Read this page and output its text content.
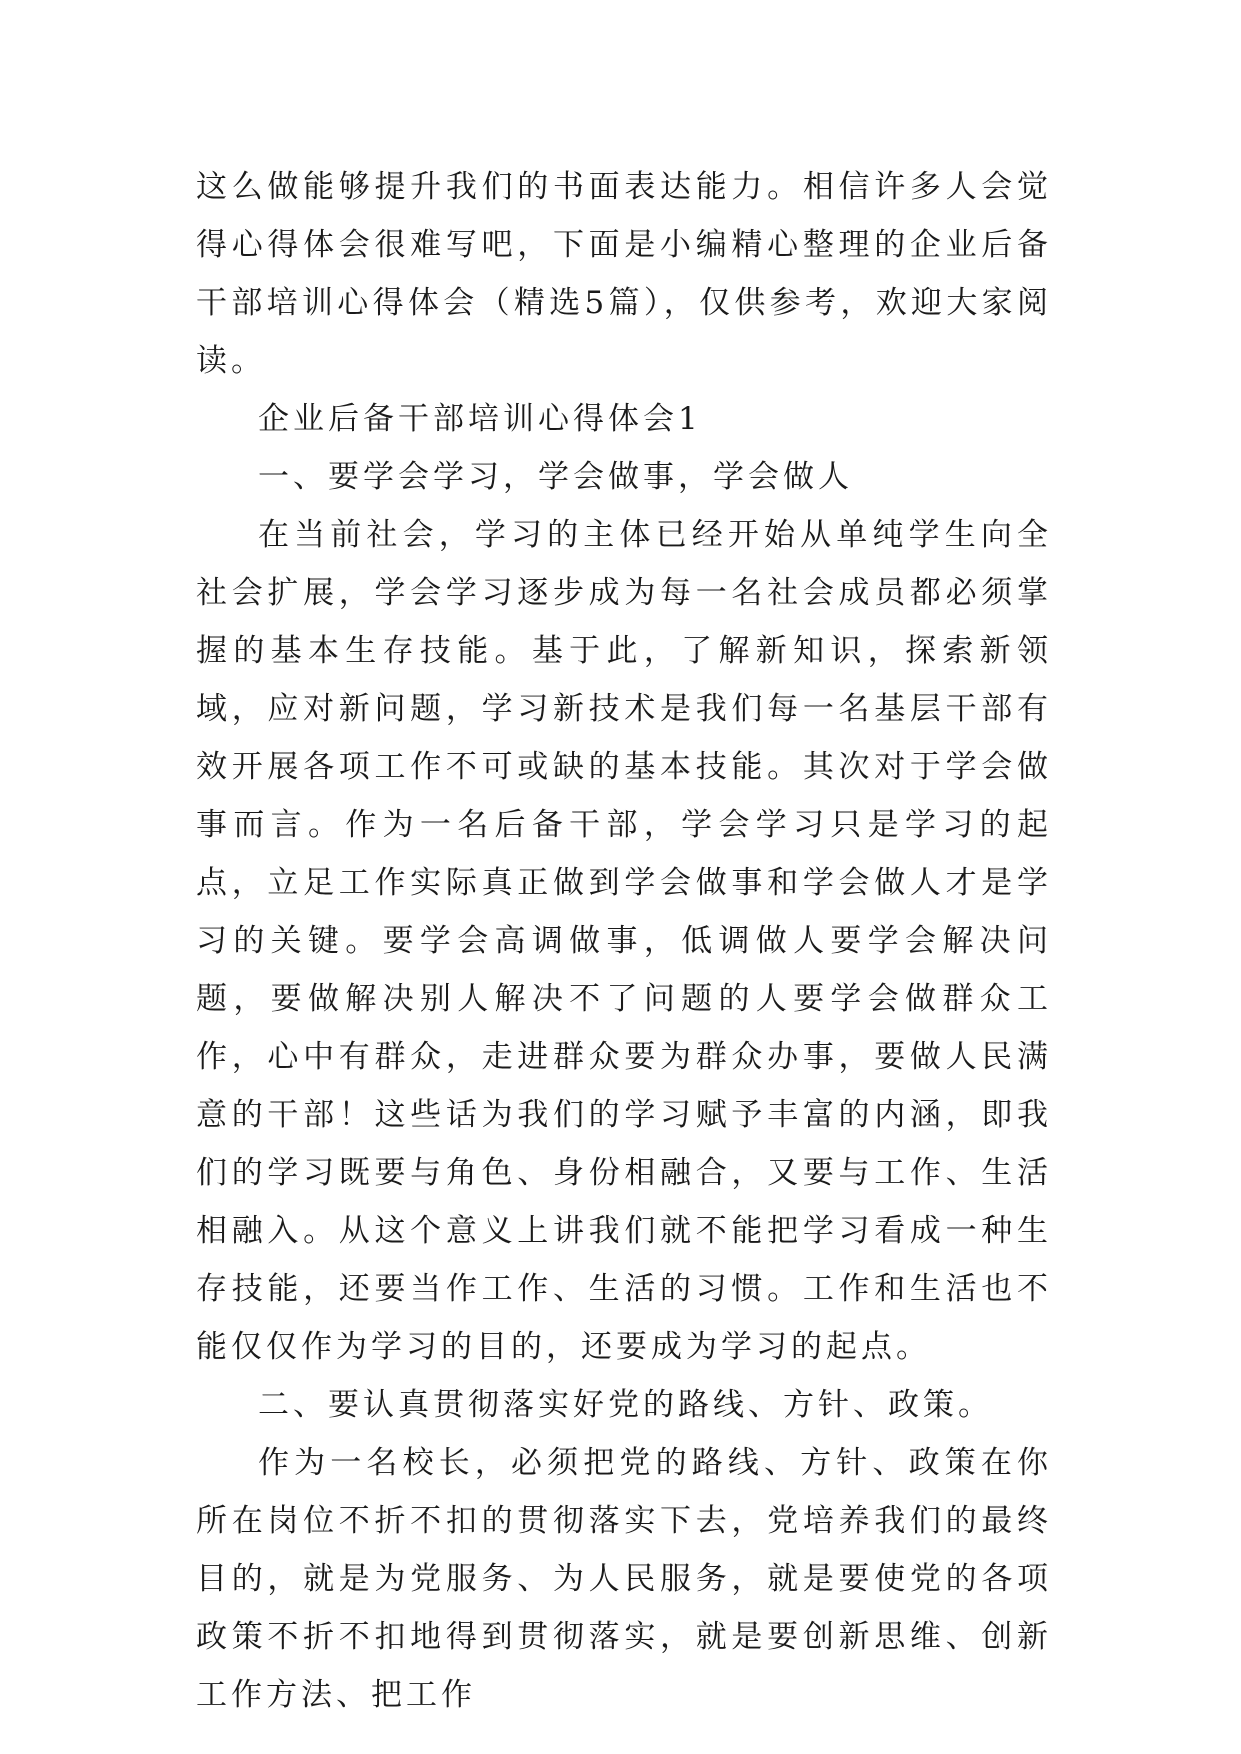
这么做能够提升我们的书面表达能力。相信许多人会觉得心得体会很难写吧，下面是小编精心整理的企业后备干部培训心得体会（精选5篇），仅供参考，欢迎大家阅读。

企业后备干部培训心得体会1

一、要学会学习，学会做事，学会做人

在当前社会，学习的主体已经开始从单纯学生向全社会扩展，学会学习逐步成为每一名社会成员都必须掌握的基本生存技能。基于此，了解新知识，探索新领域，应对新问题，学习新技术是我们每一名基层干部有效开展各项工作不可或缺的基本技能。其次对于学会做事而言。作为一名后备干部，学会学习只是学习的起点，立足工作实际真正做到学会做事和学会做人才是学习的关键。要学会高调做事，低调做人要学会解决问题，要做解决别人解决不了问题的人要学会做群众工作，心中有群众，走进群众要为群众办事，要做人民满意的干部！这些话为我们的学习赋予丰富的内涵，即我们的学习既要与角色、身份相融合，又要与工作、生活相融入。从这个意义上讲我们就不能把学习看成一种生存技能，还要当作工作、生活的习惯。工作和生活也不能仅仅作为学习的目的，还要成为学习的起点。

二、要认真贯彻落实好党的路线、方针、政策。

作为一名校长，必须把党的路线、方针、政策在你所在岗位不折不扣的贯彻落实下去，党培养我们的最终目的，就是为党服务、为人民服务，就是要使党的各项政策不折不扣地得到贯彻落实，就是要创新思维、创新工作方法、把工作
